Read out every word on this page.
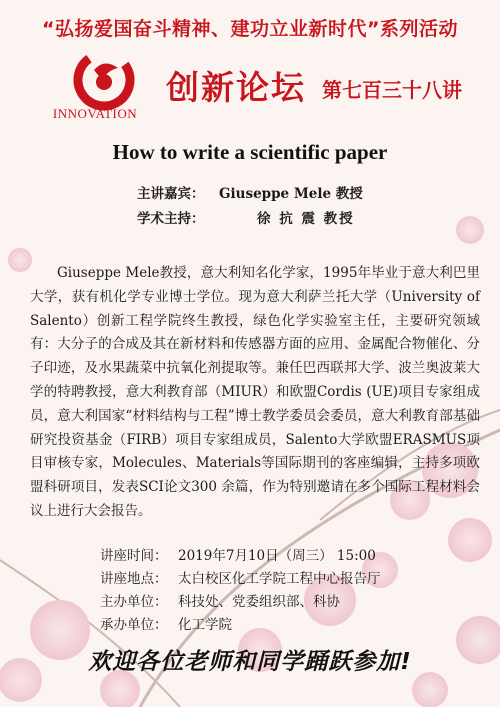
“弘扬爱国奋斗精神、建功立业新时代”系列活动
INNOVATION
创新论坛 第七百三十八讲
How to write a scientific paper
主讲嘉宾：	Giuseppe Mele 教授
学术主持：	徐 抗 震 教授
Giuseppe Mele教授，意大利知名化学家，1995年毕业于意大利巴里大学，获有机化学专业博士学位。现为意大利萨兰托大学（University of Salento）创新工程学院终生教授，绿色化学实验室主任，主要研究领域有：大分子的合成及其在新材料和传感器方面的应用、金属配合物催化、分子印迹，及水果蔬菜中抗氧化剂提取等。兼任巴西联邦大学、波兰奥波莱大学的特聘教授，意大利教育部（MIUR）和欧盟Cordis (UE)项目专家组成员，意大利国家“材料结构与工程”博士教学委员会委员，意大利教育部基础研究投资基金（FIRB）项目专家组成员，Salento大学欧盟ERASMUS项目审核专家，Molecules、Materials等国际期刊的客座编辑，主持多项欧盟科研项目，发表SCI论文300 余篇，作为特别邀请在多个国际工程材料会议上进行大会报告。
讲座时间： 2019年7月10日（周三） 15:00
讲座地点： 太白校区化工学院工程中心报告厅
主办单位： 科技处、党委组织部、科协
承办单位： 化工学院
欢迎各位老师和同学踊跃参加!
